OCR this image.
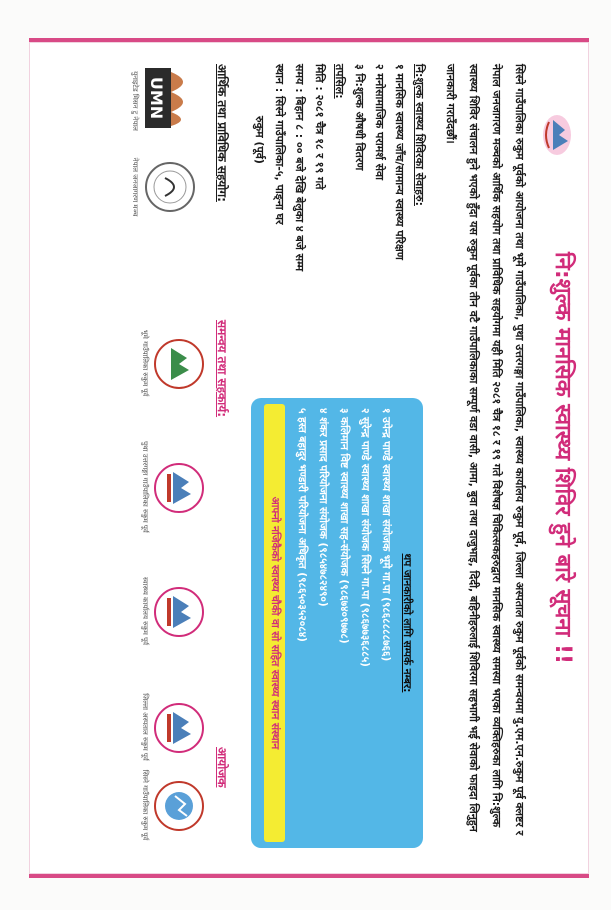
नि:शुल्क मानसिक स्वास्थ्य शिविर हुने बारे सूचना !!
सिस्ने गाउँपालिका रुकुम पूर्वको आयोजना तथा भूमे गाउँपालिका, पुथा उत्तरगङ्गा गाउँपालिका, स्वास्थ्य कार्यालय रुकुम पूर्व, जिल्ला अस्पताल रुकुम पूर्वको समन्वयमा यु.एम.एन.रुकुम पूर्व क्लष्टर र नेपाल जनजागरण मञ्चको आर्थिक सहयोग तथा प्राविधिक सहयोगमा यही मिति २०८१ चैत्र १८ र १९ गते विशेषज्ञ चिकित्सकहरुद्वारा मानसिक स्वास्थ्य समस्या भएका व्यक्तिहरुका लागि नि:शुल्क स्वास्थ्य शिविर संचालन हुने भएको हुँदा यस रुकुम पूर्वका तीन वटै गाउँपालिकाका सम्पूर्ण वडा वासी, आमा, बुवा तथा दाजुभाइ, दिदी, बहिनीहरुलाई शिविरमा सहभागी भई सेवाको फाइदा लिनुहुन जानकारी गराउँदछौं।
नि:शुल्क स्वास्थ्य शिविरका सेवाहरु:
१ मानसिक स्वास्थ्य जाँच/सामान्य स्वास्थ्य परिक्षण
२ मनोसामाजिक परामर्श सेवा
३ नि:शुल्क औषधी वितरण
तपसिल:
मिति : २०८१ चैत्र १८ र १९ गते
समय : बिहान ८ : ०० बजे देखि बेलुका ४ बजे सम्म
स्थान : सिस्ने गाउँपालिका-५, पाङ्ना घर
रुकुम (पूर्व)
थप जानकारीको लागि सम्पर्क नम्बर:
१ उपेन्द्र पाण्डे स्वास्थ्य शाखा संयोजक भूमे गा.पा (९८६८८८८७६६)
२ सुरेन्द्र पाण्डे स्वास्थ्य शाखा संयोजक सिस्ने गा.पा (९८६७७३६८८५)
३ कलिमान विष्ट स्वास्थ्य शाखा सह-संयोजक (९८६७४०९७७८)
४ शंकर प्रसाद परियोजना संयोजक (९८५४७८२४९०)
५ हस्त बहादुर भण्डारी परियोजना अधिकृत (९८६५०३५२०८४)
आफ्नो नजिकैको स्वास्थ्य चौकी वा सो सहित स्वास्थ्य स्थान संस्थान
आर्थिक तथा प्राविधिक सहयोग:
समन्वय तथा सहकार्य:
आयोजक
UMN
युनाइटेड मिसन टु नेपाल
नेपाल जनजागरण मञ्च
भूमे गाउँपालिका रुकुम पूर्व
पुथा उत्तरगङ्गा गाउँपालिका रुकुम पूर्व
स्वास्थ्य कार्यालय रुकुम पूर्व
जिल्ला अस्पताल रुकुम पूर्व
सिस्ने गाउँपालिका रुकुम पूर्व
